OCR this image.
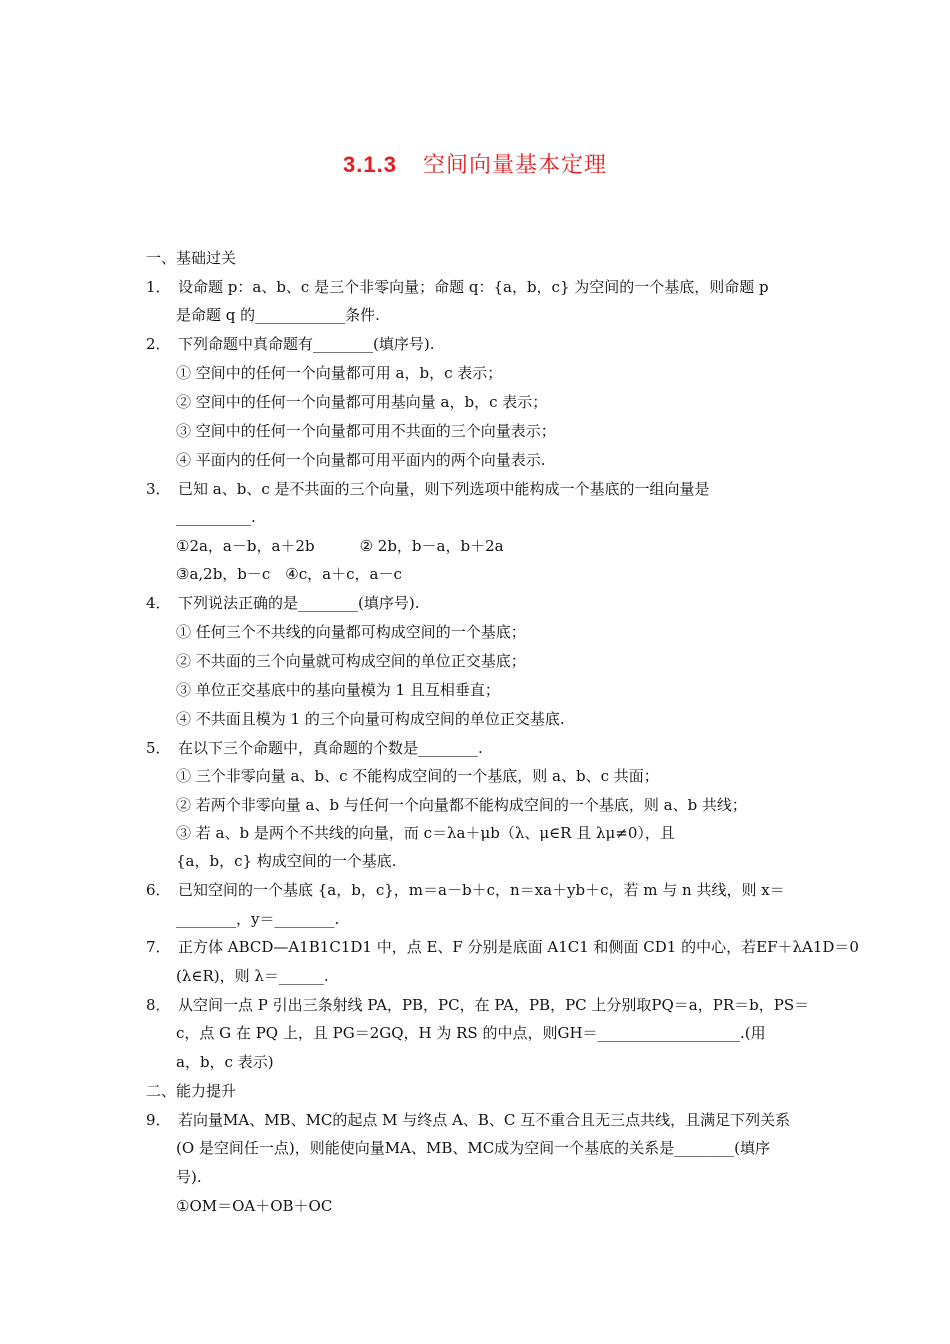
3.1.3 空间向量基本定理
一、基础过关
1． 设命题 p：a、b、c 是三个非零向量；命题 q：{a，b，c} 为空间的一个基底，则命题 p
是命题 q 的____________条件.
2． 下列命题中真命题有________(填序号).
① 空间中的任何一个向量都可用 a，b，c 表示；
② 空间中的任何一个向量都可用基向量 a，b，c 表示；
③ 空间中的任何一个向量都可用不共面的三个向量表示；
④ 平面内的任何一个向量都可用平面内的两个向量表示.
3． 已知 a、b、c 是不共面的三个向量，则下列选项中能构成一个基底的一组向量是
__________.
①2a，a－b，a＋2b　　　② 2b，b－a，b＋2a
③a,2b，b－c　④c，a＋c，a－c
4． 下列说法正确的是________(填序号).
① 任何三个不共线的向量都可构成空间的一个基底；
② 不共面的三个向量就可构成空间的单位正交基底；
③ 单位正交基底中的基向量模为 1 且互相垂直；
④ 不共面且模为 1 的三个向量可构成空间的单位正交基底.
5． 在以下三个命题中，真命题的个数是________.
① 三个非零向量 a、b、c 不能构成空间的一个基底，则 a、b、c 共面；
② 若两个非零向量 a、b 与任何一个向量都不能构成空间的一个基底，则 a、b 共线；
③ 若 a、b 是两个不共线的向量，而 c＝λa＋μb（λ、μ∈R 且 λμ≠0），且
{a，b，c} 构成空间的一个基底.
6． 已知空间的一个基底 {a，b，c}，m＝a－b＋c，n＝xa＋yb＋c，若 m 与 n 共线，则 x＝
________，y＝________.
7． 正方体 ABCD—A1B1C1D1 中，点 E、F 分别是底面 A1C1 和侧面 CD1 的中心，若EF＋λA1D＝0
(λ∈R)，则 λ＝______.
8． 从空间一点 P 引出三条射线 PA，PB，PC，在 PA，PB，PC 上分别取PQ＝a，PR＝b，PS＝
c，点 G 在 PQ 上，且 PG＝2GQ，H 为 RS 的中点，则GH＝___________________.(用
a，b，c 表示)
二、能力提升
9． 若向量MA、MB、MC的起点 M 与终点 A、B、C 互不重合且无三点共线，且满足下列关系
(O 是空间任一点)，则能使向量MA、MB、MC成为空间一个基底的关系是________(填序
号).
①OM＝OA＋OB＋OC
